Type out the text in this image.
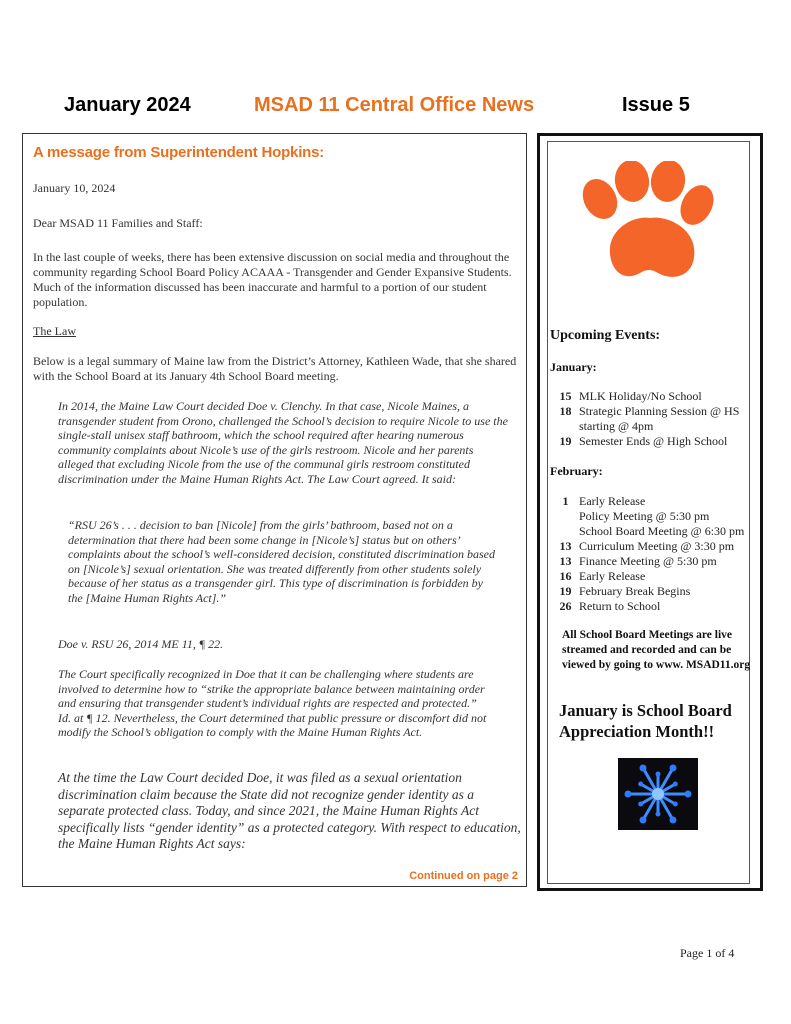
January 2024	MSAD 11 Central Office News	Issue 5
A message from Superintendent Hopkins:

January 10, 2024

Dear MSAD 11 Families and Staff:

In the last couple of weeks, there has been extensive discussion on social media and throughout the community regarding School Board Policy ACAAA - Transgender and Gender Expansive Students. Much of the information discussed has been inaccurate and harmful to a portion of our student population.

The Law

Below is a legal summary of Maine law from the District’s Attorney, Kathleen Wade, that she shared with the School Board at its January 4th School Board meeting.

In 2014, the Maine Law Court decided Doe v. Clenchy. In that case, Nicole Maines, a transgender student from Orono, challenged the School’s decision to require Nicole to use the single-stall unisex staff bathroom, which the school required after hearing numerous community complaints about Nicole’s use of the girls restroom. Nicole and her parents alleged that excluding Nicole from the use of the communal girls restroom constituted discrimination under the Maine Human Rights Act. The Law Court agreed. It said:

“RSU 26’s . . . decision to ban [Nicole] from the girls’ bathroom, based not on a determination that there had been some change in [Nicole’s] status but on others’ complaints about the school’s well-considered decision, constituted discrimination based on [Nicole’s] sexual orientation. She was treated differently from other students solely because of her status as a transgender girl. This type of discrimination is forbidden by the [Maine Human Rights Act].”

Doe v. RSU 26, 2014 ME 11, ¶ 22.

The Court specifically recognized in Doe that it can be challenging where students are involved to determine how to “strike the appropriate balance between maintaining order and ensuring that transgender student’s individual rights are respected and protected.” Id. at ¶ 12. Nevertheless, the Court determined that public pressure or discomfort did not modify the School’s obligation to comply with the Maine Human Rights Act.

At the time the Law Court decided Doe, it was filed as a sexual orientation discrimination claim because the State did not recognize gender identity as a separate protected class. Today, and since 2021, the Maine Human Rights Act specifically lists “gender identity” as a protected category. With respect to education, the Maine Human Rights Act says:

Continued on page 2

Upcoming Events:

January:

15 MLK Holiday/No School
18 Strategic Planning Session @ HS
starting @ 4pm
19 Semester Ends @ High School

February:

1 Early Release
Policy Meeting @ 5:30 pm
School Board Meeting @ 6:30 pm
13 Curriculum Meeting @ 3:30 pm
13 Finance Meeting @ 5:30 pm
16 Early Release
19 February Break Begins
26 Return to School

All School Board Meetings are live streamed and recorded and can be viewed by going to www. MSAD11.org

January is School Board Appreciation Month!!

Page 1 of 4
